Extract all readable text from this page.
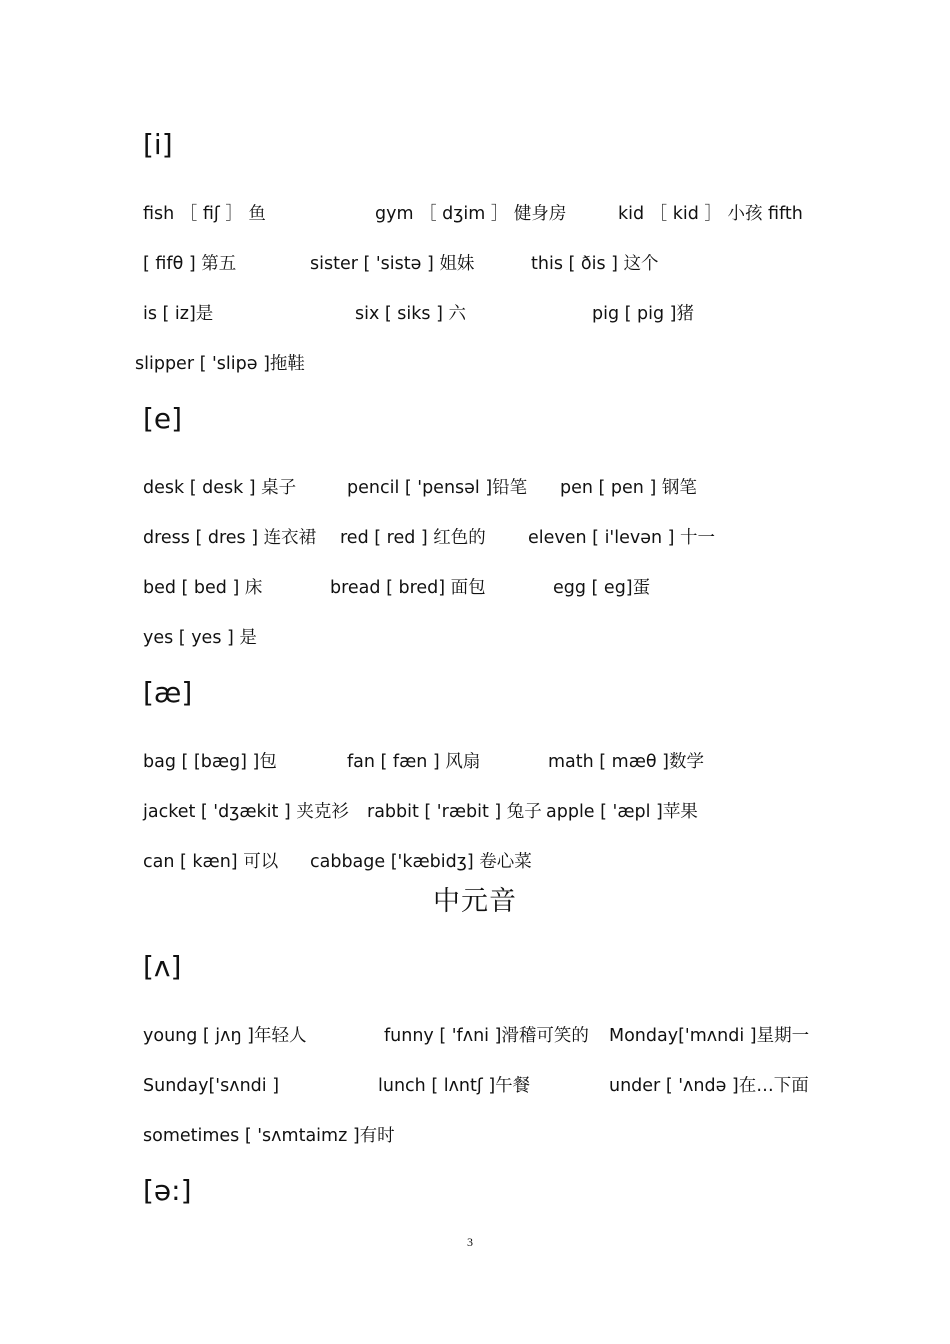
[i]
fish ［ fiʃ ］ 鱼	gym ［ dʒim ］ 健身房	kid ［ kid ］ 小孩 fifth
[ fifθ ] 第五	sister [ 'sistə ] 姐妹	this [ ðis ] 这个
is [ iz]是	six [ siks ] 六	pig [ pig ]猪
slipper [ 'slipə ]拖鞋
[e]
desk [ desk ] 桌子	pencil [ 'pensəl ]铅笔 pen [ pen ] 钢笔
dress [ dres ] 连衣裙 red [ red ] 红色的 eleven [ i'levən ] 十一
bed [ bed ] 床	bread [ bred] 面包	egg [ eg]蛋
yes [ yes ] 是
[æ]
bag [ [bæg] ]包	fan [ fæn ] 风扇	math [ mæθ ]数学
jacket [ 'dʒækit ] 夹克衫 rabbit [ 'ræbit ] 兔子 apple [ 'æpl ]苹果
can [ kæn] 可以 cabbage ['kæbidʒ] 卷心菜
中元音
[ʌ]
young [ jʌŋ ]年轻人	funny [ 'fʌni ]滑稽可笑的 Monday['mʌndi ]星期一
Sunday['sʌndi ]	lunch [ lʌntʃ ]午餐	under [ 'ʌndə ]在…下面
sometimes [ 'sʌmtaimz ]有时
[ə:]
3
